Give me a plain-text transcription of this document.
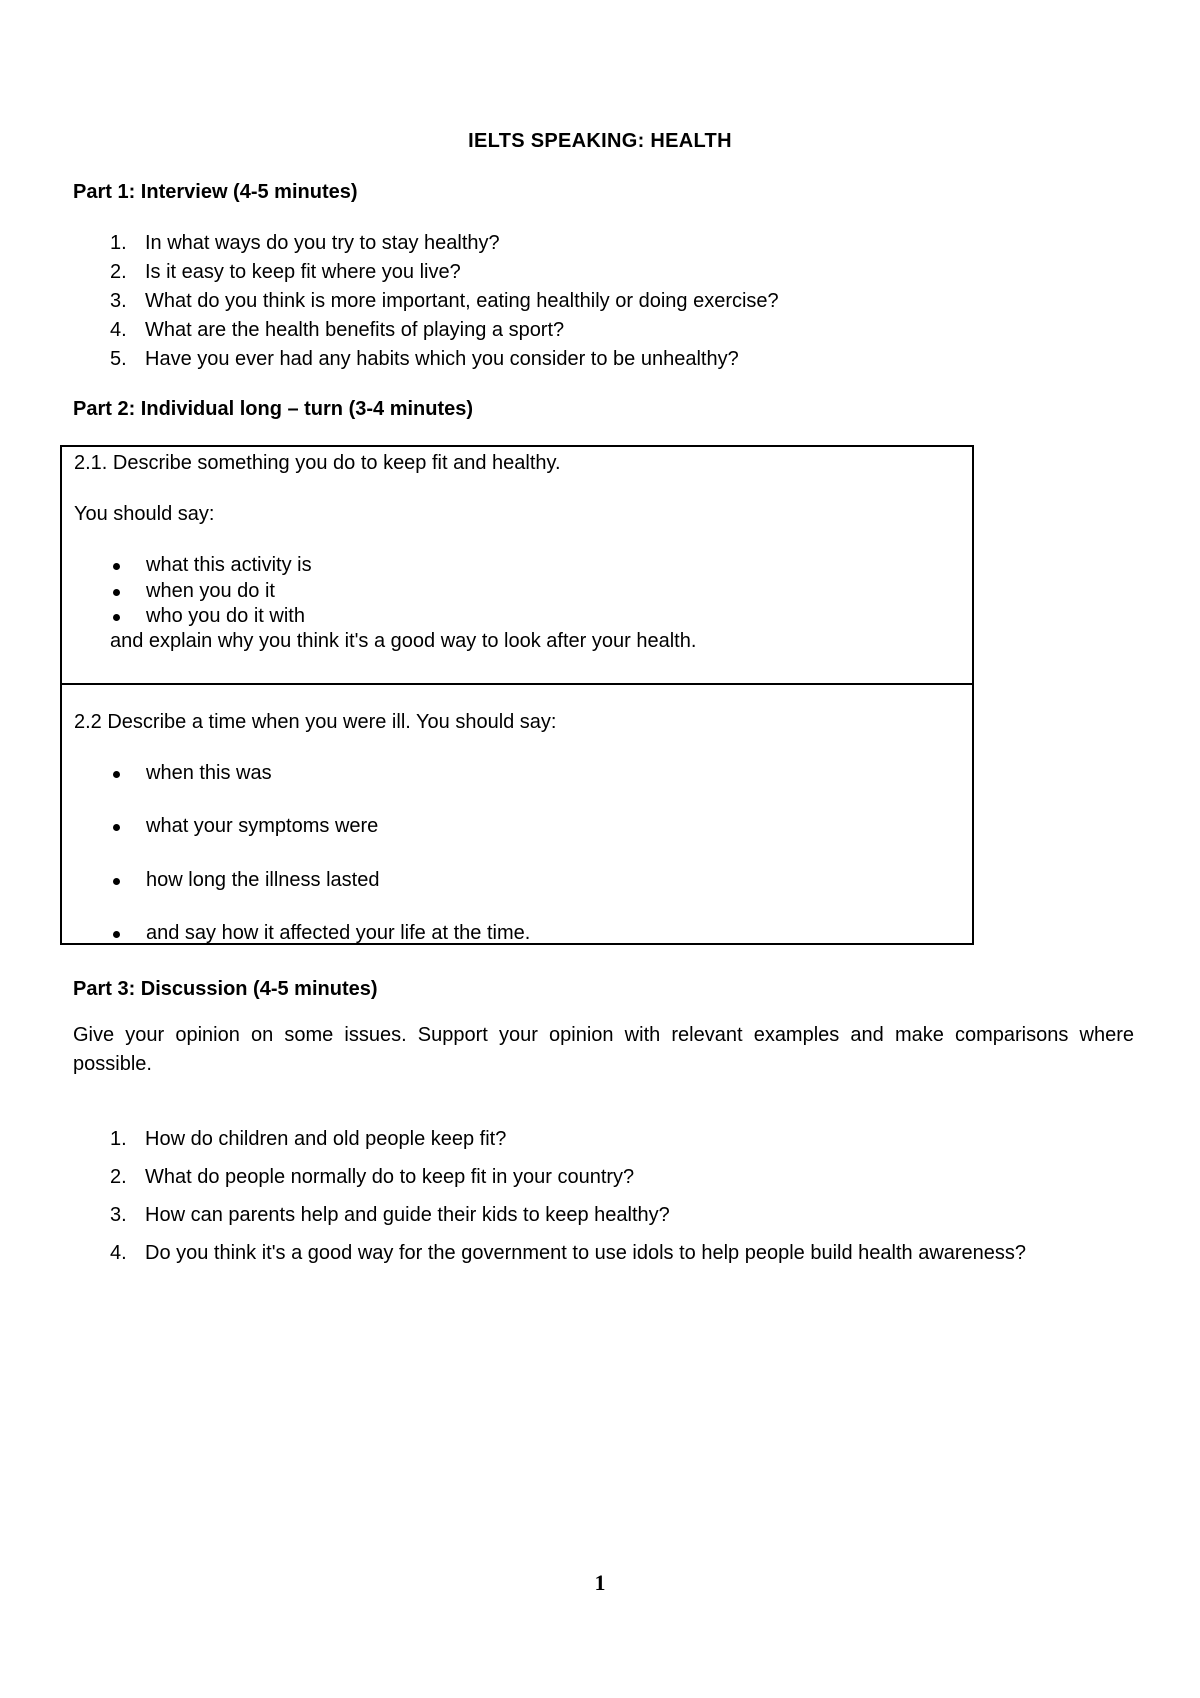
IELTS SPEAKING: HEALTH
Part 1: Interview (4-5 minutes)
1. In what ways do you try to stay healthy?
2. Is it easy to keep fit where you live?
3. What do you think is more important, eating healthily or doing exercise?
4. What are the health benefits of playing a sport?
5. Have you ever had any habits which you consider to be unhealthy?
Part 2: Individual long – turn (3-4 minutes)
2.1. Describe something you do to keep fit and healthy.
You should say:
what this activity is
when you do it
who you do it with
and explain why you think it's a good way to look after your health.
2.2 Describe a time when you were ill. You should say:
when this was
what your symptoms were
how long the illness lasted
and say how it affected your life at the time.
Part 3: Discussion (4-5 minutes)
Give your opinion on some issues. Support your opinion with relevant examples and make comparisons where possible.
1. How do children and old people keep fit?
2. What do people normally do to keep fit in your country?
3. How can parents help and guide their kids to keep healthy?
4. Do you think it's a good way for the government to use idols to help people build health awareness?
1
